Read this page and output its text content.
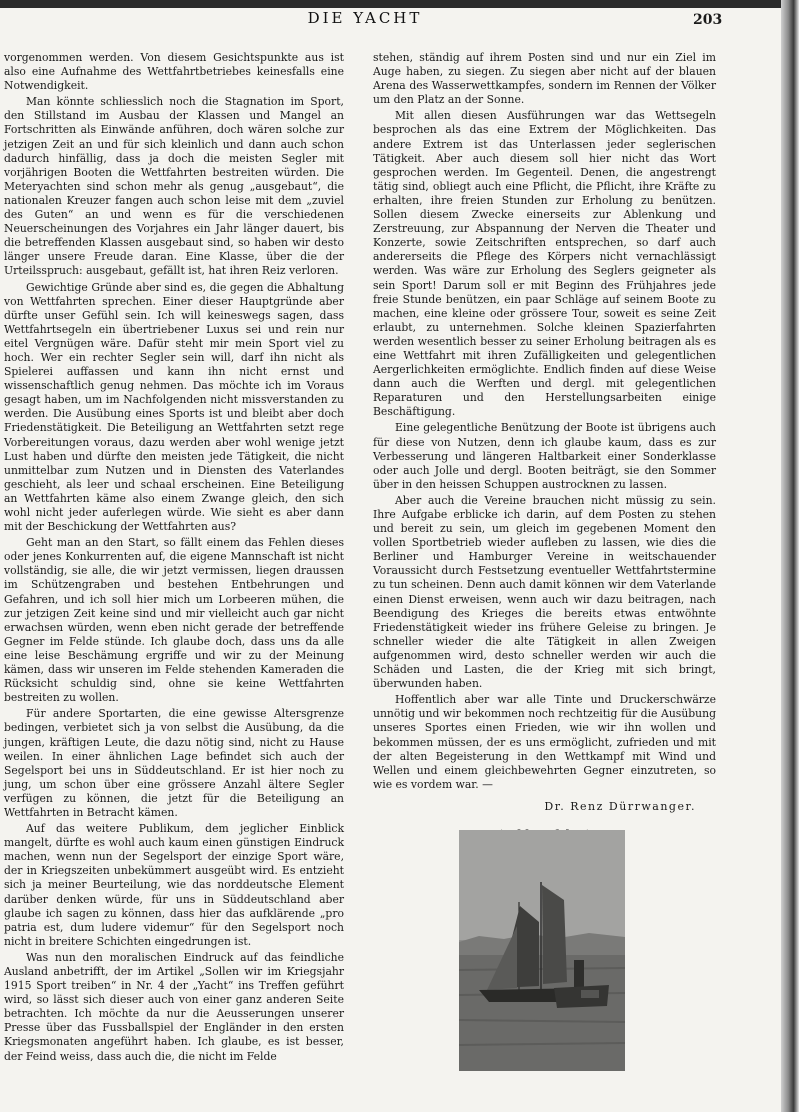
DIE YACHT	203

vorgenommen werden. Von diesem Gesichtspunkte aus ist also eine Aufnahme des Wettfahrtbetriebes keinesfalls eine Notwendigkeit.

Man könnte schliesslich noch die Stagnation im Sport, den Stillstand im Ausbau der Klassen und Mangel an Fortschritten als Einwände anführen, doch wären solche zur jetzigen Zeit an und für sich kleinlich und dann auch schon dadurch hinfällig, dass ja doch die meisten Segler mit vorjährigen Booten die Wettfahrten bestreiten würden. Die Meteryachten sind schon mehr als genug „ausgebaut“, die nationalen Kreuzer fangen auch schon leise mit dem „zuviel des Guten“ an und wenn es für die verschiedenen Neuerscheinungen des Vorjahres ein Jahr länger dauert, bis die betreffenden Klassen ausgebaut sind, so haben wir desto länger unsere Freude daran. Eine Klasse, über die der Urteilsspruch: ausgebaut, gefällt ist, hat ihren Reiz verloren.

Gewichtige Gründe aber sind es, die gegen die Abhaltung von Wettfahrten sprechen. Einer dieser Hauptgründe aber dürfte unser Gefühl sein. Ich will keineswegs sagen, dass Wettfahrtsegeln ein übertriebener Luxus sei und rein nur eitel Vergnügen wäre. Dafür steht mir mein Sport viel zu hoch. Wer ein rechter Segler sein will, darf ihn nicht als Spielerei auffassen und kann ihn nicht ernst und wissenschaftlich genug nehmen. Das möchte ich im Voraus gesagt haben, um im Nachfolgenden nicht missverstanden zu werden. Die Ausübung eines Sports ist und bleibt aber doch Friedenstätigkeit. Die Beteiligung an Wettfahrten setzt rege Vorbereitungen voraus, dazu werden aber wohl wenige jetzt Lust haben und dürfte den meisten jede Tätigkeit, die nicht unmittelbar zum Nutzen und in Diensten des Vaterlandes geschieht, als leer und schaal erscheinen. Eine Beteiligung an Wettfahrten käme also einem Zwange gleich, den sich wohl nicht jeder auferlegen würde. Wie sieht es aber dann mit der Beschickung der Wettfahrten aus?

Geht man an den Start, so fällt einem das Fehlen dieses oder jenes Konkurrenten auf, die eigene Mannschaft ist nicht vollständig, sie alle, die wir jetzt vermissen, liegen draussen im Schützengraben und bestehen Entbehrungen und Gefahren, und ich soll hier mich um Lorbeeren mühen, die zur jetzigen Zeit keine sind und mir vielleicht auch gar nicht erwachsen würden, wenn eben nicht gerade der betreffende Gegner im Felde stünde. Ich glaube doch, dass uns da alle eine leise Beschämung ergriffe und wir zu der Meinung kämen, dass wir unseren im Felde stehenden Kameraden die Rücksicht schuldig sind, ohne sie keine Wettfahrten bestreiten zu wollen.

Für andere Sportarten, die eine gewisse Altersgrenze bedingen, verbietet sich ja von selbst die Ausübung, da die jungen, kräftigen Leute, die dazu nötig sind, nicht zu Hause weilen. In einer ähnlichen Lage befindet sich auch der Segelsport bei uns in Süddeutschland. Er ist hier noch zu jung, um schon über eine grössere Anzahl ältere Segler verfügen zu können, die jetzt für die Beteiligung an Wettfahrten in Betracht kämen.

Auf das weitere Publikum, dem jeglicher Einblick mangelt, dürfte es wohl auch kaum einen günstigen Eindruck machen, wenn nun der Segelsport der einzige Sport wäre, der in Kriegszeiten unbekümmert ausgeübt wird. Es entzieht sich ja meiner Beurteilung, wie das norddeutsche Element darüber denken würde, für uns in Süddeutschland aber glaube ich sagen zu können, dass hier das aufklärende „pro patria est, dum ludere videmur“ für den Segelsport noch nicht in breitere Schichten eingedrungen ist.

Was nun den moralischen Eindruck auf das feindliche Ausland anbetrifft, der im Artikel „Sollen wir im Kriegsjahr 1915 Sport treiben“ in Nr. 4 der „Yacht“ ins Treffen geführt wird, so lässt sich dieser auch von einer ganz anderen Seite betrachten. Ich möchte da nur die Aeusserungen unserer Presse über das Fussballspiel der Engländer in den ersten Kriegsmonaten angeführt haben. Ich glaube, es ist besser, der Feind weiss, dass auch die, die nicht im Felde

stehen, ständig auf ihrem Posten sind und nur ein Ziel im Auge haben, zu siegen. Zu siegen aber nicht auf der blauen Arena des Wasserwettkampfes, sondern im Rennen der Völker um den Platz an der Sonne.

Mit allen diesen Ausführungen war das Wettsegeln besprochen als das eine Extrem der Möglichkeiten. Das andere Extrem ist das Unterlassen jeder seglerischen Tätigkeit. Aber auch diesem soll hier nicht das Wort gesprochen werden. Im Gegenteil. Denen, die angestrengt tätig sind, obliegt auch eine Pflicht, die Pflicht, ihre Kräfte zu erhalten, ihre freien Stunden zur Erholung zu benützen. Sollen diesem Zwecke einerseits zur Ablenkung und Zerstreuung, zur Abspannung der Nerven die Theater und Konzerte, sowie Zeitschriften entsprechen, so darf auch andererseits die Pflege des Körpers nicht vernachlässigt werden. Was wäre zur Erholung des Seglers geigneter als sein Sport! Darum soll er mit Beginn des Frühjahres jede freie Stunde benützen, ein paar Schläge auf seinem Boote zu machen, eine kleine oder grössere Tour, soweit es seine Zeit erlaubt, zu unternehmen. Solche kleinen Spazierfahrten werden wesentlich besser zu seiner Erholung beitragen als es eine Wettfahrt mit ihren Zufälligkeiten und gelegentlichen Aergerlichkeiten ermöglichte. Endlich finden auf diese Weise dann auch die Werften und dergl. mit gelegentlichen Reparaturen und den Herstellungsarbeiten einige Beschäftigung.

Eine gelegentliche Benützung der Boote ist übrigens auch für diese von Nutzen, denn ich glaube kaum, dass es zur Verbesserung und längeren Haltbarkeit einer Sonderklasse oder auch Jolle und dergl. Booten beiträgt, sie den Sommer über in den heissen Schuppen austrocknen zu lassen.

Aber auch die Vereine brauchen nicht müssig zu sein. Ihre Aufgabe erblicke ich darin, auf dem Posten zu stehen und bereit zu sein, um gleich im gegebenen Moment den vollen Sportbetrieb wieder aufleben zu lassen, wie dies die Berliner und Hamburger Vereine in weitschauender Voraussicht durch Festsetzung eventueller Wettfahrtstermine zu tun scheinen. Denn auch damit können wir dem Vaterlande einen Dienst erweisen, wenn auch wir dazu beitragen, nach Beendigung des Krieges die bereits etwas entwöhnte Friedenstätigkeit wieder ins frühere Geleise zu bringen. Je schneller wieder die alte Tätigkeit in allen Zweigen aufgenommen wird, desto schneller werden wir auch die Schäden und Lasten, die der Krieg mit sich bringt, überwunden haben.

Hoffentlich aber war alle Tinte und Druckerschwärze unnötig und wir bekommen noch rechtzeitig für die Ausübung unseres Sportes einen Frieden, wie wir ihn wollen und bekommen müssen, der es uns ermöglicht, zufrieden und mit der alten Begeisterung in den Wettkampf mit Wind und Wellen und einem gleichbewehrten Gegner einzutreten, so wie es vordem war. —

Dr. Renz Dürrwanger.
